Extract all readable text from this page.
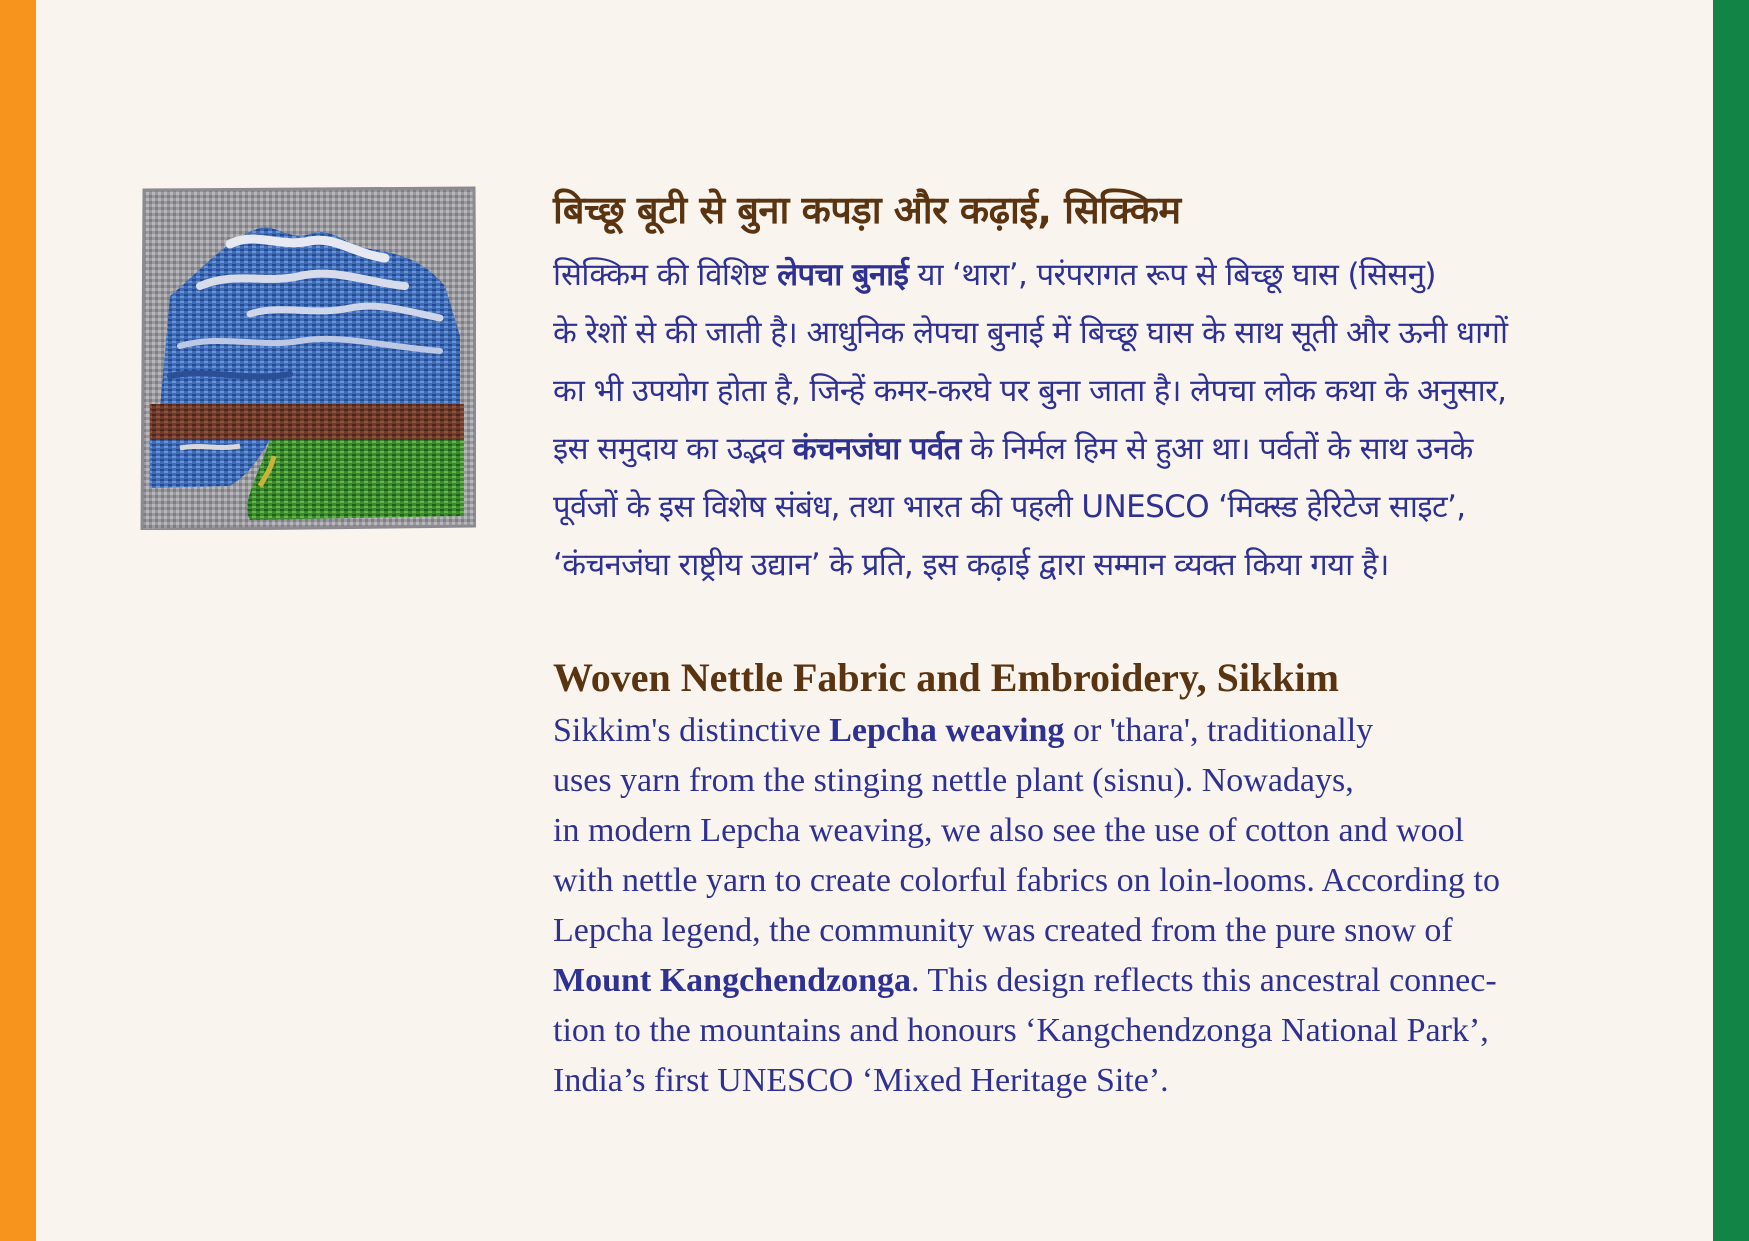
बिच्छू बूटी से बुना कपड़ा और कढ़ाई, सिक्किम

सिक्किम की विशिष्ट लेपचा बुनाई या ‘थारा’, परंपरागत रूप से बिच्छू घास (सिसनु)
के रेशों से की जाती है। आधुनिक लेपचा बुनाई में बिच्छू घास के साथ सूती और ऊनी धागों
का भी उपयोग होता है, जिन्हें कमर-करघे पर बुना जाता है। लेपचा लोक कथा के अनुसार,
इस समुदाय का उद्भव कंचनजंघा पर्वत के निर्मल हिम से हुआ था। पर्वतों के साथ उनके
पूर्वजों के इस विशेष संबंध, तथा भारत की पहली UNESCO ‘मिक्स्ड हेरिटेज साइट’,
‘कंचनजंघा राष्ट्रीय उद्यान’ के प्रति, इस कढ़ाई द्वारा सम्मान व्यक्त किया गया है।

Woven Nettle Fabric and Embroidery, Sikkim

Sikkim's distinctive Lepcha weaving or 'thara', traditionally
uses yarn from the stinging nettle plant (sisnu). Nowadays,
in modern Lepcha weaving, we also see the use of cotton and wool
with nettle yarn to create colorful fabrics on loin-looms. According to
Lepcha legend, the community was created from the pure snow of
Mount Kangchendzonga. This design reflects this ancestral connec-
tion to the mountains and honours ‘Kangchendzonga National Park’,
India’s first UNESCO ‘Mixed Heritage Site’.
